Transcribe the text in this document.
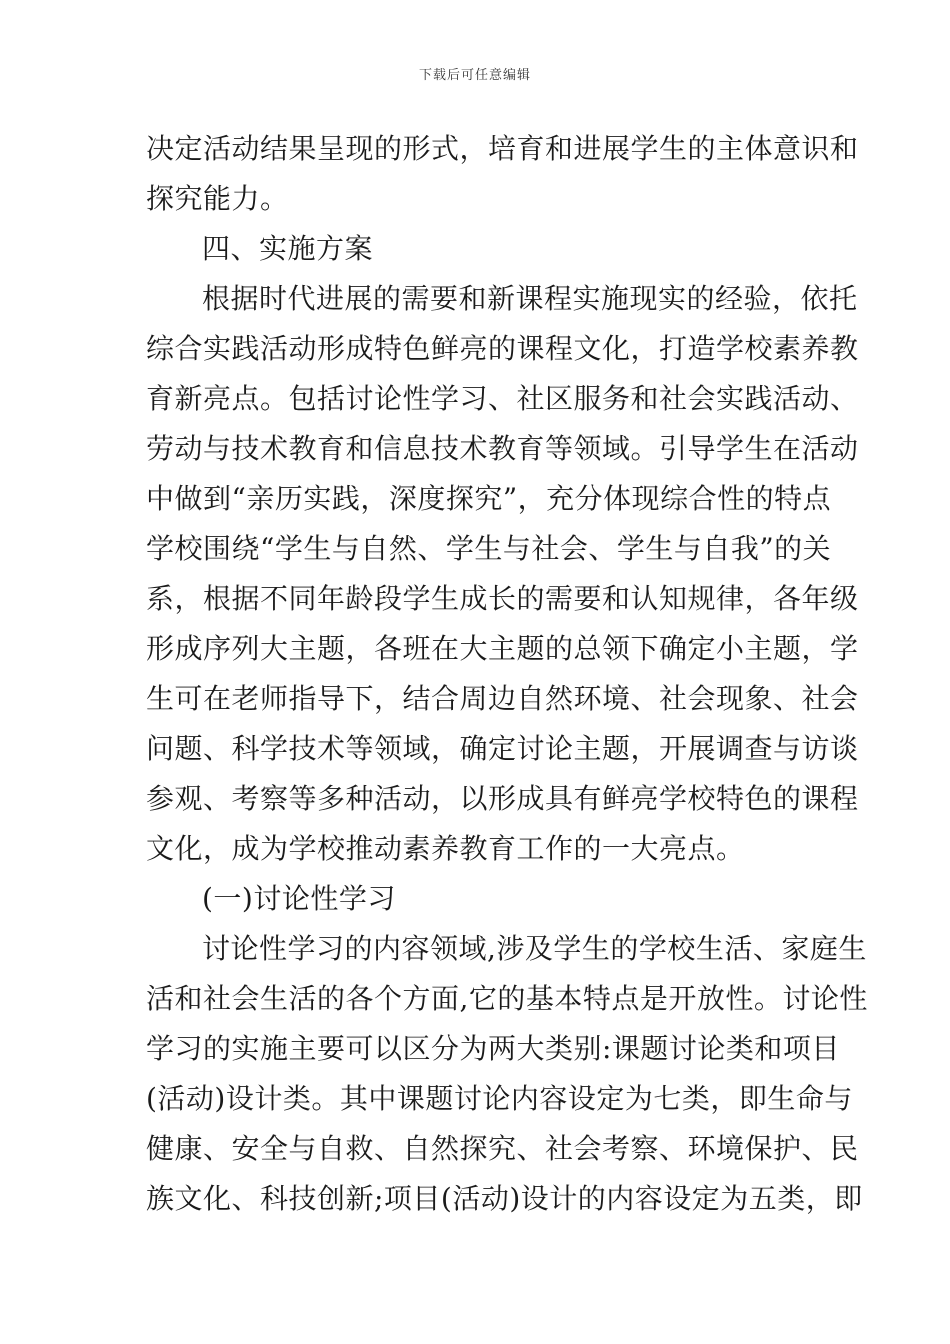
下载后可任意编辑
决定活动结果呈现的形式，培育和进展学生的主体意识和
探究能力。
四、实施方案
根据时代进展的需要和新课程实施现实的经验，依托
综合实践活动形成特色鲜亮的课程文化，打造学校素养教
育新亮点。包括讨论性学习、社区服务和社会实践活动、
劳动与技术教育和信息技术教育等领域。引导学生在活动
中做到“亲历实践，深度探究”，充分体现综合性的特点
学校围绕“学生与自然、学生与社会、学生与自我”的关
系，根据不同年龄段学生成长的需要和认知规律，各年级
形成序列大主题，各班在大主题的总领下确定小主题，学
生可在老师指导下，结合周边自然环境、社会现象、社会
问题、科学技术等领域，确定讨论主题，开展调查与访谈
参观、考察等多种活动，以形成具有鲜亮学校特色的课程
文化，成为学校推动素养教育工作的一大亮点。
(一)讨论性学习
讨论性学习的内容领域,涉及学生的学校生活、家庭生
活和社会生活的各个方面,它的基本特点是开放性。讨论性
学习的实施主要可以区分为两大类别:课题讨论类和项目
(活动)设计类。其中课题讨论内容设定为七类，即生命与
健康、安全与自救、自然探究、社会考察、环境保护、民
族文化、科技创新;项目(活动)设计的内容设定为五类，即
